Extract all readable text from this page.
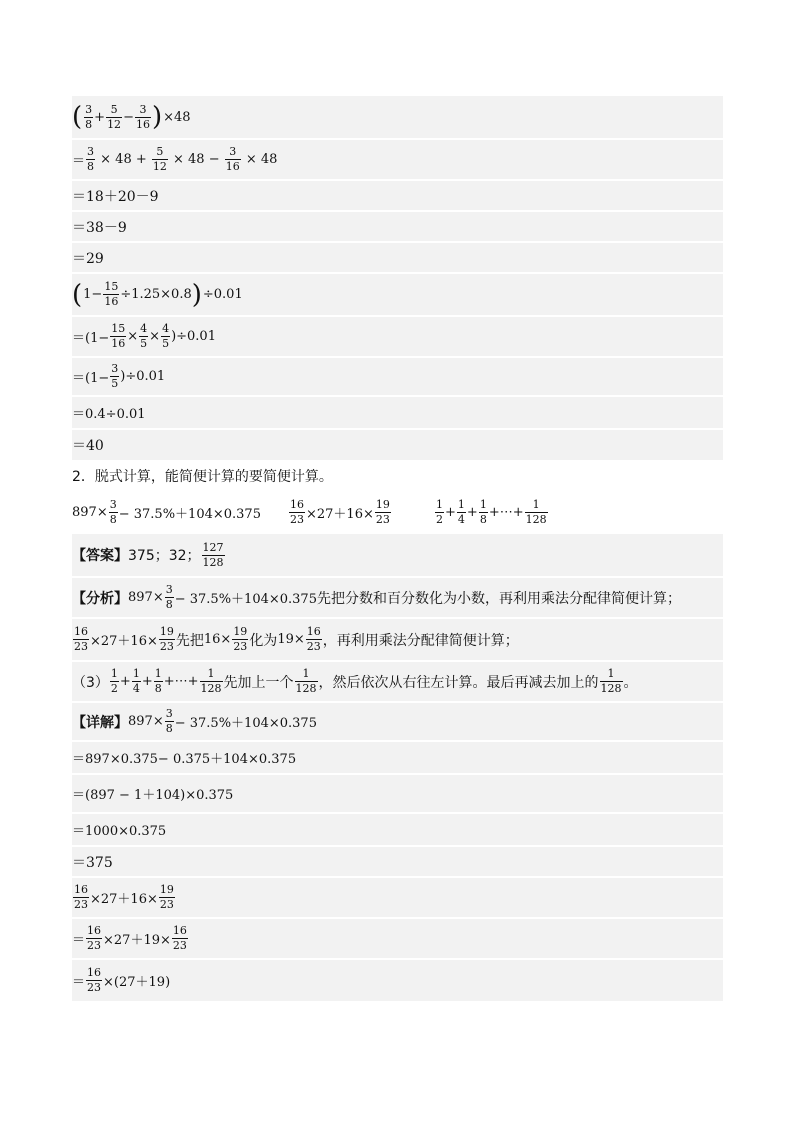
( $\frac{3}{8} + \frac{5}{12} - \frac{3}{16}$ ) ×48
＝ $\frac{3}{8} \times 48 + \frac{5}{12} \times 48 - \frac{3}{16} \times 48$
＝18＋20－9
＝38－9
＝29
( $1- \frac{15}{16} \div 1.25\times 0.8$ ) ÷0.01
$=(1- \frac{15}{16} \times \frac{4}{5} \times \frac{4}{5} )\div 0.01$
$=(1- \frac{3}{5} )\div 0.01$
＝0.4÷0.01
＝40
2．脱式计算，能简便计算的要简便计算。
$897\times \frac{3}{8} - 37.5\%+104\times 0.375$	$\frac{16}{23} \times 27+16\times \frac{19}{23}$	$\frac{1}{2} + \frac{1}{4} + \frac{1}{8}$ +⋯+ $\frac{1}{128}$
【答案】 375；32； $\frac{127}{128}$
【分析】 $897\times \frac{3}{8} - 37.5\%+104\times 0.375$ 先把分数和百分数化为小数，再利用乘法分配律简便计算；
$\frac{16}{23} \times 27+16\times \frac{19}{23}$ 先把 $16\times \frac{19}{23}$ 化为 $19\times \frac{16}{23}$ ，再利用乘法分配律简便计算；
$(3) \frac{1}{2} + \frac{1}{4} + \frac{1}{8}$ +⋯+ $\frac{1}{128}$ 先加上一个 $\frac{1}{128}$ ，然后依次从右往左计算。最后再减去加上的 $\frac{1}{128}$ 。
【详解】 $897\times \frac{3}{8} - 37.5\%+104\times 0.375$
＝897×0.375− 0.375＋104×0.375
＝(897 − 1＋104)×0.375
＝1000×0.375
＝375
$\frac{16}{23} \times 27+16\times \frac{19}{23}$
＝ $\frac{16}{23} \times 27+19\times \frac{16}{23}$
＝ $\frac{16}{23} \times(27+19)$
